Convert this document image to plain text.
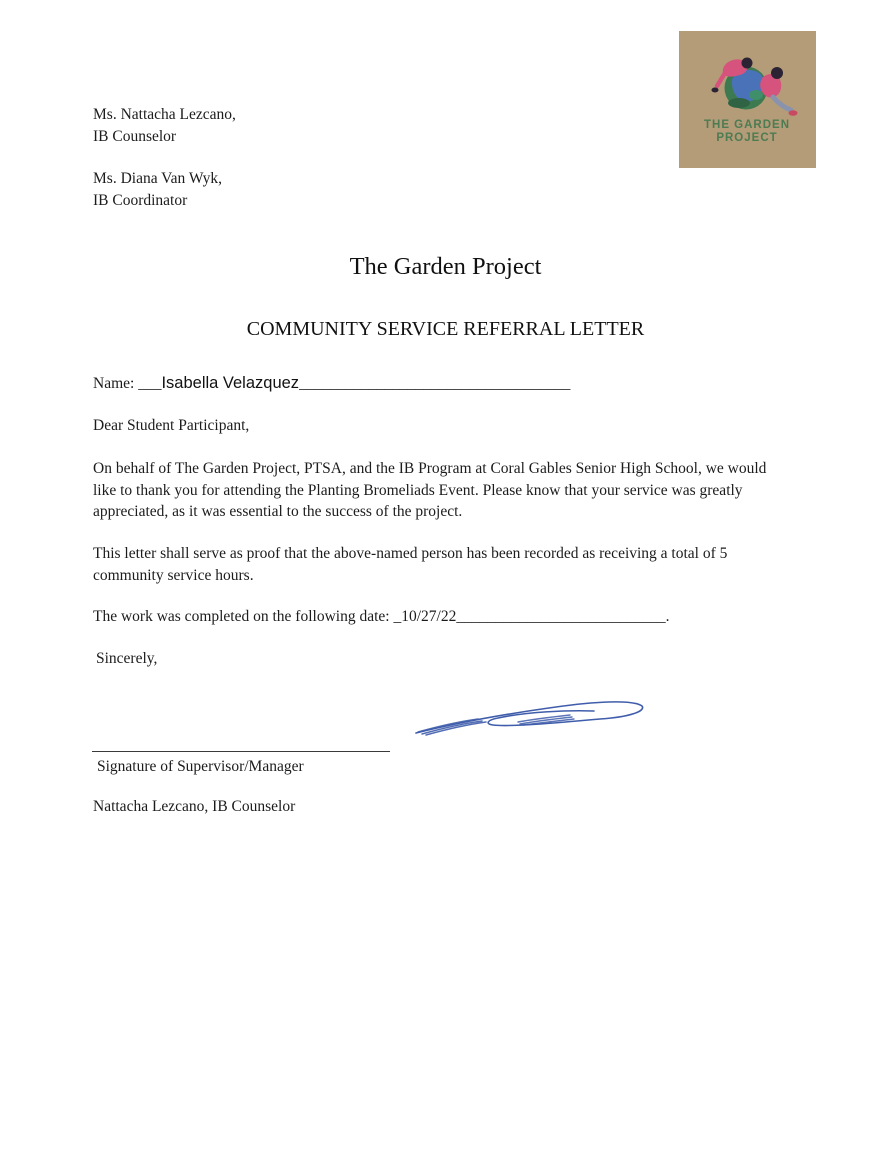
THE GARDEN
PROJECT
Ms. Nattacha Lezcano,
IB Counselor
Ms. Diana Van Wyk,
IB Coordinator
The Garden Project
COMMUNITY SERVICE REFERRAL LETTER
Name: ___Isabella Velazquez___________________________________
Dear Student Participant,
On behalf of The Garden Project, PTSA, and the IB Program at Coral Gables Senior High School, we would like to thank you for attending the Planting Bromeliads Event. Please know that your service was greatly appreciated, as it was essential to the success of the project.
This letter shall serve as proof that the above-named person has been recorded as receiving a total of 5 community service hours.
The work was completed on the following date: _10/27/22___________________________.
Sincerely,
Signature of Supervisor/Manager
Nattacha Lezcano, IB Counselor
